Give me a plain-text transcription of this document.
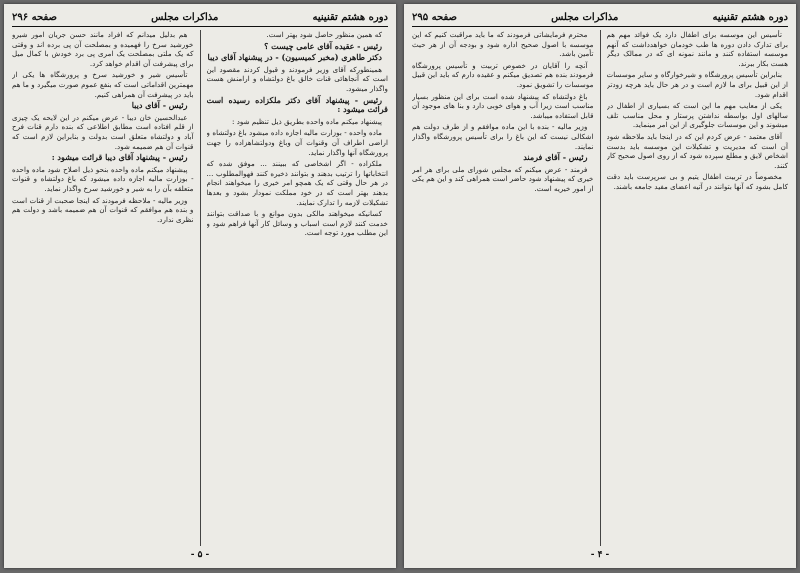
دوره هشتم تقنینیه
مذاکرات مجلس
صفحه ۲۹۶

که همین منظور حاصل شود بهتر است.

رئیس - عقیده آقای عامی چیست ؟

دکتر طاهری (مخبر کمیسیون) - در پیشنهاد آقای دیبا

همینطورکه آقای وزیر فرمودند و قبول کردند مقصود این است که آنجاهائی قنات خالق باغ دولتشاه و ارامنش هست واگذار میشود.

رئیس - پیشنهاد آقای دکتر ملکزاده رسیده است قرائت میشود :

پیشنهاد میکنم ماده واحده بطریق ذیل تنظیم شود :

ماده واحده - بوزارت مالیه اجازه داده میشود باغ دولتشاه و اراضی اطراف آن وقنوات آن وباغ ودولتشاهزاده را جهت پرورشگاه آنها واگذار نماید.

ملکزاده - اگر اشخاصی که ببینند ... موفق شده که انتخاباتها را ترتیب بدهند و بتوانند ذخیره کنند فهوالمطلوب ... در هر حال وقتی که یک همچو امر خیری را میخواهند انجام بدهند بهتر است که در خود مملکت نمودار بشود و بعدها تشکیلات لازمه را تدارک نمایند.

کسانیکه میخواهند مالکی بدون موانع و با صداقت بتوانند خدمت کنند لازم است اسباب و وسائل کار آنها فراهم شود و این مطلب مورد توجه است.

هم بدلیل میدانم که افراد مانند حسن جریان امور شیرو خورشید سرخ را فهمیده و بمصلحت آن پی برده اند و وقتی که یک ملتی بمصلحت یک امری پی برد خودش با کمال میل برای پیشرفت آن اقدام خواهد کرد.

تأسیس شیر و خورشید سرخ و پرورشگاه ها یکی از مهمترین اقداماتی است که بنفع عموم صورت میگیرد و ما هم باید در پیشرفت آن همراهی کنیم.

رئیس - آقای دیبا

عبدالحسین خان دیبا - عرض میکنم در این لایحه یک چیزی از قلم افتاده است مطابق اطلاعی که بنده دارم قنات فرح آباد و دولتشاه متعلق است بدولت و بنابراین لازم است که قنوات آن هم ضمیمه شود.

رئیس - پیشنهاد آقای دیبا قرائت میشود :

پیشنهاد میکنم ماده واحده بنحو ذیل اصلاح شود ماده واحده - بوزارت مالیه اجازه داده میشود که باغ دولتشاه و قنوات متعلقه بآن را به شیر و خورشید سرخ واگذار نماید.

وزیر مالیه - ملاحظه فرمودند که اینجا صحبت از قنات است و بنده هم موافقم که قنوات آن هم ضمیمه باشد و دولت هم نظری ندارد.

- ۵ -
دوره هشتم تقنینیه
مذاکرات مجلس
صفحه ۲۹۵

تأسیس این موسسه برای اطفال دارد یک فوائد مهم هم برای تدارک دادن دوره ها طب خودمان خواهدداشت که آنهم موسسه استفاده کنند و مانند نمونه ای که در ممالک دیگر هست بکار ببرند.

بنابراین تأسیس پرورشگاه و شیرخوارگاه و سایر موسسات از این قبیل برای ما لازم است و در هر حال باید هرچه زودتر اقدام شود.

یکی از معایب مهم ما این است که بسیاری از اطفال در سالهای اول بواسطه نداشتن پرستار و محل مناسب تلف میشوند و این موسسات جلوگیری از این امر مینماید.

آقای معتمد - عرض کردم این که در اینجا باید ملاحظه شود آن است که مدیریت و تشکیلات این موسسه باید بدست اشخاص لایق و مطلع سپرده شود که از روی اصول صحیح کار کنند.

مخصوصاً در تربیت اطفال یتیم و بی سرپرست باید دقت کامل بشود که آنها بتوانند در آتیه اعضای مفید جامعه باشند.

محترم فرمایشاتی فرمودند که ما باید مراقبت کنیم که این موسسه با اصول صحیح اداره شود و بودجه آن از هر حیث تأمین باشد.

آنچه را آقایان در خصوص تربیت و تأسیس پرورشگاه فرمودند بنده هم تصدیق میکنم و عقیده دارم که باید این قبیل موسسات را تشویق نمود.

باغ دولتشاه که پیشنهاد شده است برای این منظور بسیار مناسب است زیرا آب و هوای خوبی دارد و بنا های موجود آن قابل استفاده میباشد.

وزیر مالیه - بنده با این ماده موافقم و از طرف دولت هم اشکالی نیست که این باغ را برای تأسیس پرورشگاه واگذار نمایند.

رئیس - آقای فرمند

فرمند - عرض میکنم که مجلس شورای ملی برای هر امر خیری که پیشنهاد شود حاضر است همراهی کند و این هم یکی از امور خیریه است.

- ۴ -
